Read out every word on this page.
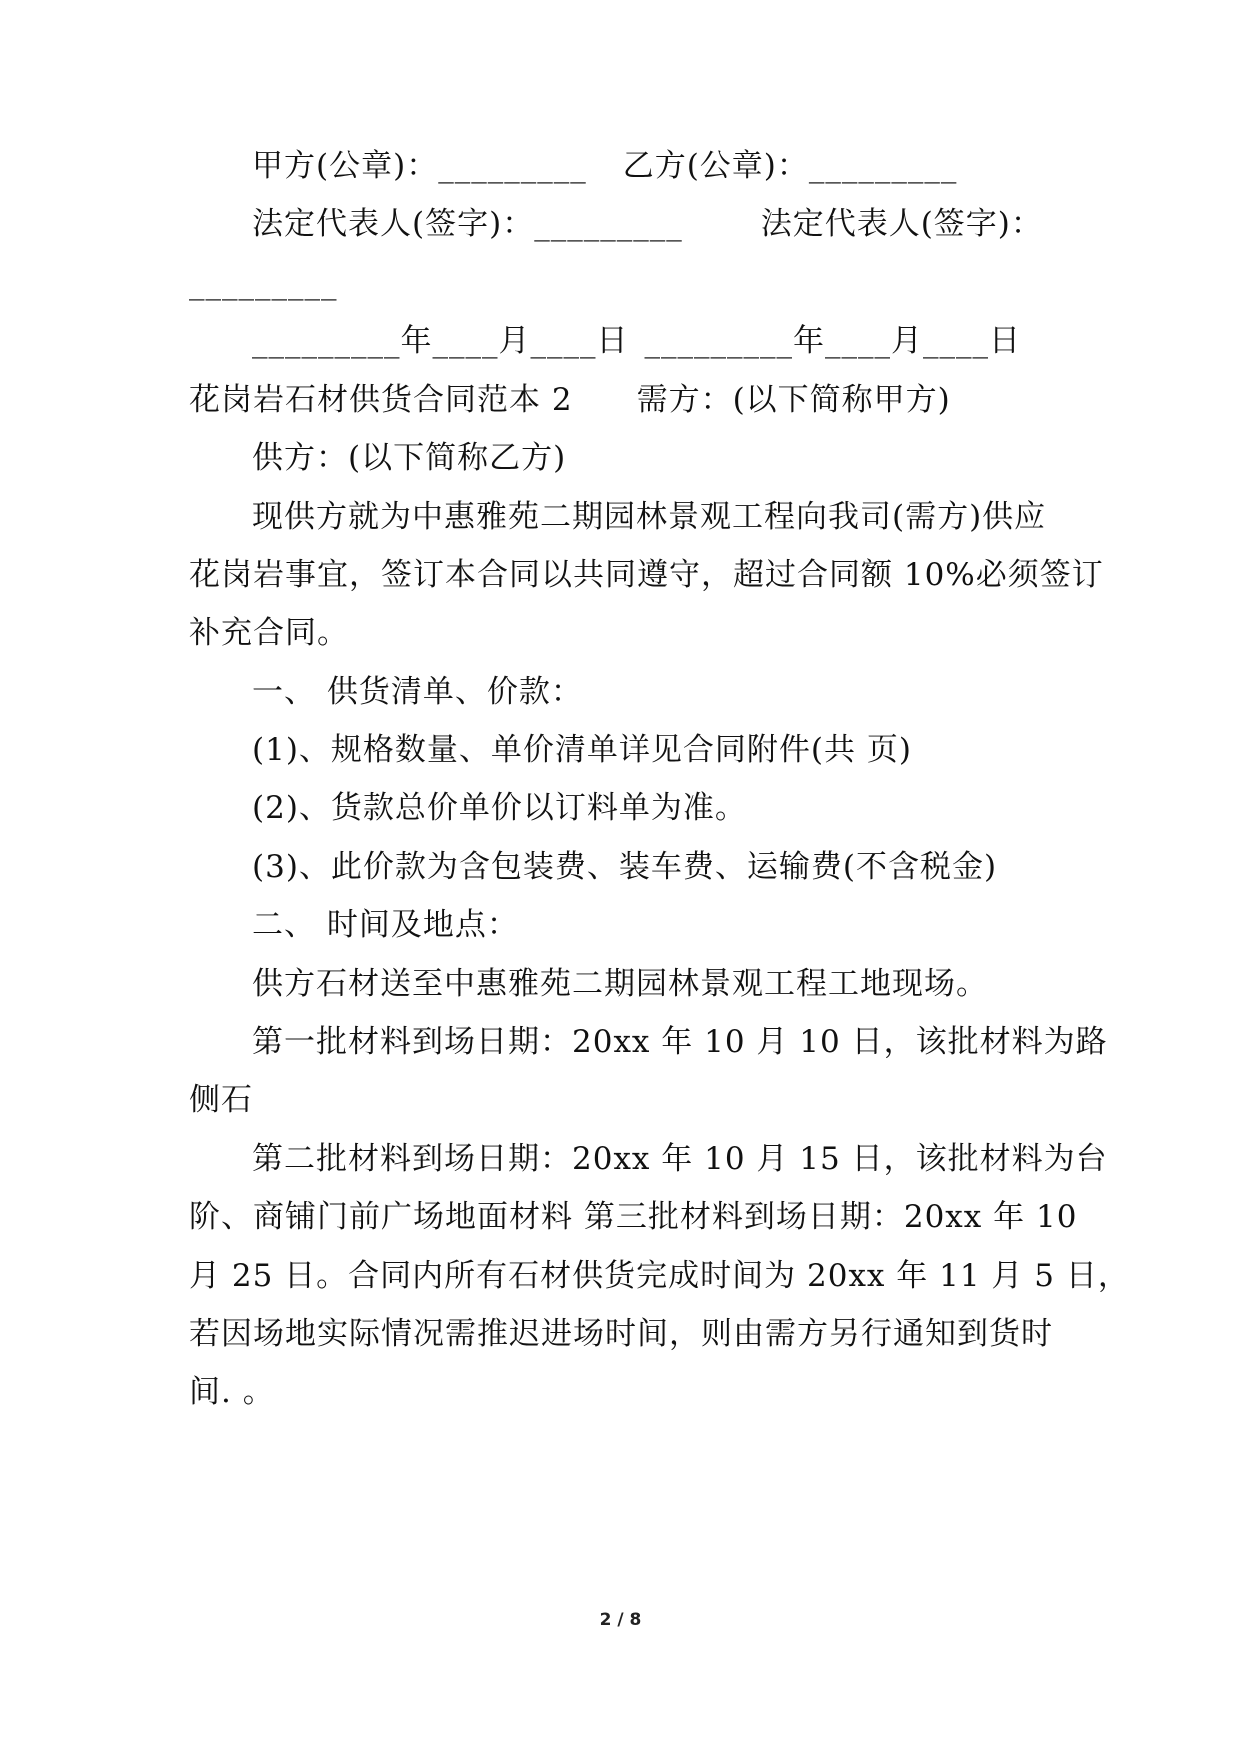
甲方(公章)：_________ 乙方(公章)：_________
法定代表人(签字)：_________	法定代表人(签字)：
_________
_________年____月____日 _________年____月____日
花岗岩石材供货合同范本 2 需方：(以下简称甲方)
供方：(以下简称乙方)
现供方就为中惠雅苑二期园林景观工程向我司(需方)供应
花岗岩事宜，签订本合同以共同遵守，超过合同额 10%必须签订
补充合同。
一、 供货清单、价款：
(1)、规格数量、单价清单详见合同附件(共 页)
(2)、货款总价单价以订料单为准。
(3)、此价款为含包装费、装车费、运输费(不含税金)
二、 时间及地点：
供方石材送至中惠雅苑二期园林景观工程工地现场。
第一批材料到场日期：20xx 年 10 月 10 日，该批材料为路
侧石
第二批材料到场日期：20xx 年 10 月 15 日，该批材料为台
阶、商铺门前广场地面材料 第三批材料到场日期：20xx 年 10
月 25 日。合同内所有石材供货完成时间为 20xx 年 11 月 5 日，
若因场地实际情况需推迟进场时间，则由需方另行通知到货时
间. 。
2 / 8
